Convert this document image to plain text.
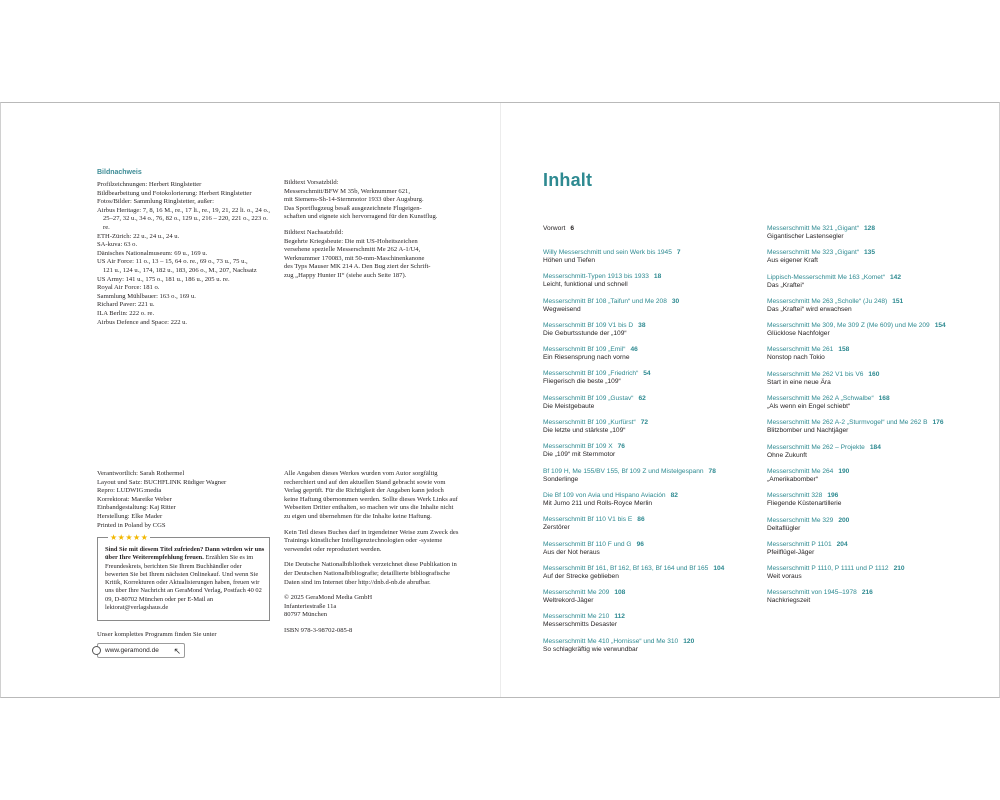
Bildnachweis

Profilzeichnungen: Herbert Ringlstetter

Bildbearbeitung und Fotokolorierung: Herbert Ringlstetter

Fotos/Bilder: Sammlung Ringlstetter, außer:

Airbus Heritage: 7, 8, 16 M., re., 17 li., re., 19, 21, 22 li. o., 24 o.,

25–27, 32 u., 34 o., 76, 82 o., 129 u., 216 – 220, 221 o., 223 o. re.

ETH-Zürich: 22 u., 24 u., 24 u.

SA-kuva: 63 o.

Dänisches Nationalmuseum: 69 u., 169 u.

US Air Force: 11 o., 13 – 15, 64 o. re., 69 o., 73 u., 75 u.,

121 u., 124 u., 174, 182 u., 183, 206 o., M., 207, Nachsatz

US Army: 141 u., 175 o., 181 u., 186 u., 205 u. re.

Royal Air Force: 181 o.

Sammlung Mühlbauer: 163 o., 169 u.

Richard Paver: 221 u.

ILA Berlin: 222 o. re.

Airbus Defence and Space: 222 u.

Bildtext Vorsatzbild:

Messerschmitt/BFW M 35b, Werknummer 621,

mit Siemens-Sh-14-Sternmotor 1933 über Augsburg.

Das Sportflugzeug besaß ausgezeichnete Flugeigen-

schaften und eignete sich hervorragend für den Kunstflug.

Bildtext Nachsatzbild:

Begehrte Kriegsbeute: Die mit US-Hoheitszeichen

versehene spezielle Messerschmitt Me 262 A-1/U4,

Werknummer 170083, mit 50-mm-Maschinenkanone

des Typs Mauser MK 214 A. Den Bug ziert der Schrift-

zug „Happy Hunter II“ (siehe auch Seite 187).

Verantwortlich: Sarah Rothermel

Layout und Satz: BUCHFLINK Rüdiger Wagner

Repro: LUDWIG:media

Korrektorat: Mareike Weber

Einbandgestaltung: Kaj Ritter

Herstellung: Elke Mader

Printed in Poland by CGS

★★★★★
Sind Sie mit diesem Titel zufrieden? Dann würden wir uns über Ihre Weiterempfehlung freuen. Erzählen Sie es im Freundeskreis, berichten Sie Ihrem Buchhändler oder bewerten Sie bei Ihrem nächsten Onlinekauf. Und wenn Sie Kritik, Korrekturen oder Aktualisierungen haben, freuen wir uns über Ihre Nachricht an GeraMond Verlag, Postfach 40 02 09, D-80702 München oder per E-Mail an lektorat@verlagshaus.de
Unser komplettes Programm finden Sie unter
www.geramond.de ↖

Alle Angaben dieses Werkes wurden vom Autor sorgfältig recherchiert und auf den aktuellen Stand gebracht sowie vom Verlag geprüft. Für die Richtigkeit der Angaben kann jedoch keine Haftung übernommen werden. Sollte dieses Werk Links auf Webseiten Dritter enthalten, so machen wir uns die Inhalte nicht zu eigen und übernehmen für die Inhalte keine Haftung.

Kein Teil dieses Buches darf in irgendeiner Weise zum Zweck des Trainings künstlicher Intelligenztechnologien oder -systeme verwendet oder reproduziert werden.

Die Deutsche Nationalbibliothek verzeichnet diese Publikation in der Deutschen Nationalbibliografie; detaillierte bibliografische Daten sind im Internet über http://dnb.d-nb.de abrufbar.

© 2025 GeraMond Media GmbH

Infanteriestraße 11a

80797 München

ISBN 978-3-98702-085-8

Inhalt
Vorwort 6
Willy Messerschmitt und sein Werk bis 1945 7
Höhen und Tiefen
Messerschmitt-Typen 1913 bis 1933 18
Leicht, funktional und schnell
Messerschmitt Bf 108 „Taifun“ und Me 208 30
Wegweisend
Messerschmitt Bf 109 V1 bis D 38
Die Geburtsstunde der „109“
Messerschmitt Bf 109 „Emil“ 46
Ein Riesensprung nach vorne
Messerschmitt Bf 109 „Friedrich“ 54
Fliegerisch die beste „109“
Messerschmitt Bf 109 „Gustav“ 62
Die Meistgebaute
Messerschmitt Bf 109 „Kurfürst“ 72
Die letzte und stärkste „109“
Messerschmitt Bf 109 X 76
Die „109“ mit Sternmotor
Bf 109 H, Me 155/BV 155, Bf 109 Z und Mistelgespann 78
Sonderlinge
Die Bf 109 von Avia und Hispano Aviación 82
Mit Jumo 211 und Rolls-Royce Merlin
Messerschmitt Bf 110 V1 bis E 86
Zerstörer
Messerschmitt Bf 110 F und G 96
Aus der Not heraus
Messerschmitt Bf 161, Bf 162, Bf 163, Bf 164 und Bf 165 104
Auf der Strecke geblieben
Messerschmitt Me 209 108
Weltrekord-Jäger
Messerschmitt Me 210 112
Messerschmitts Desaster
Messerschmitt Me 410 „Hornisse“ und Me 310 120
So schlagkräftig wie verwundbar
Messerschmitt Me 321 „Gigant“ 128
Gigantischer Lastensegler
Messerschmitt Me 323 „Gigant“ 135
Aus eigener Kraft
Lippisch-Messerschmitt Me 163 „Komet“ 142
Das „Kraftei“
Messerschmitt Me 263 „Scholle“ (Ju 248) 151
Das „Kraftei“ wird erwachsen
Messerschmitt Me 309, Me 309 Z (Me 609) und Me 209 154
Glücklose Nachfolger
Messerschmitt Me 261 158
Nonstop nach Tokio
Messerschmitt Me 262 V1 bis V6 160
Start in eine neue Ära
Messerschmitt Me 262 A „Schwalbe“ 168
„Als wenn ein Engel schiebt“
Messerschmitt Me 262 A-2 „Sturmvogel“ und Me 262 B 176
Blitzbomber und Nachtjäger
Messerschmitt Me 262 – Projekte 184
Ohne Zukunft
Messerschmitt Me 264 190
„Amerikabomber“
Messerschmitt 328 196
Fliegende Küstenartillerie
Messerschmitt Me 329 200
Deltaflügler
Messerschmitt P 1101 204
Pfeilflügel-Jäger
Messerschmitt P 1110, P 1111 und P 1112 210
Weit voraus
Messerschmitt von 1945–1978 216
Nachkriegszeit
